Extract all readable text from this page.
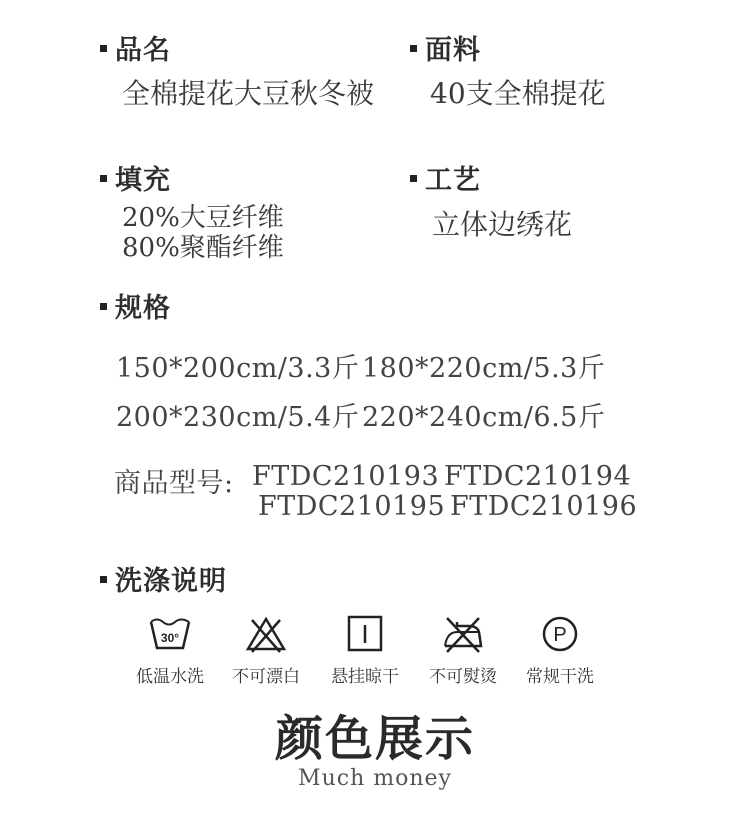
品名
全棉提花大豆秋冬被
面料
40支全棉提花
填充
20%大豆纤维
80%聚酯纤维
工艺
立体边绣花
规格
150*200cm/3.3斤 180*220cm/5.3斤
200*230cm/5.4斤 220*240cm/6.5斤
商品型号: FTDC210193 FTDC210194
FTDC210195 FTDC210196
洗涤说明
30°
低温水洗	不可漂白	悬挂晾干	不可熨烫
P
常规干洗
颜色展示
Much money
